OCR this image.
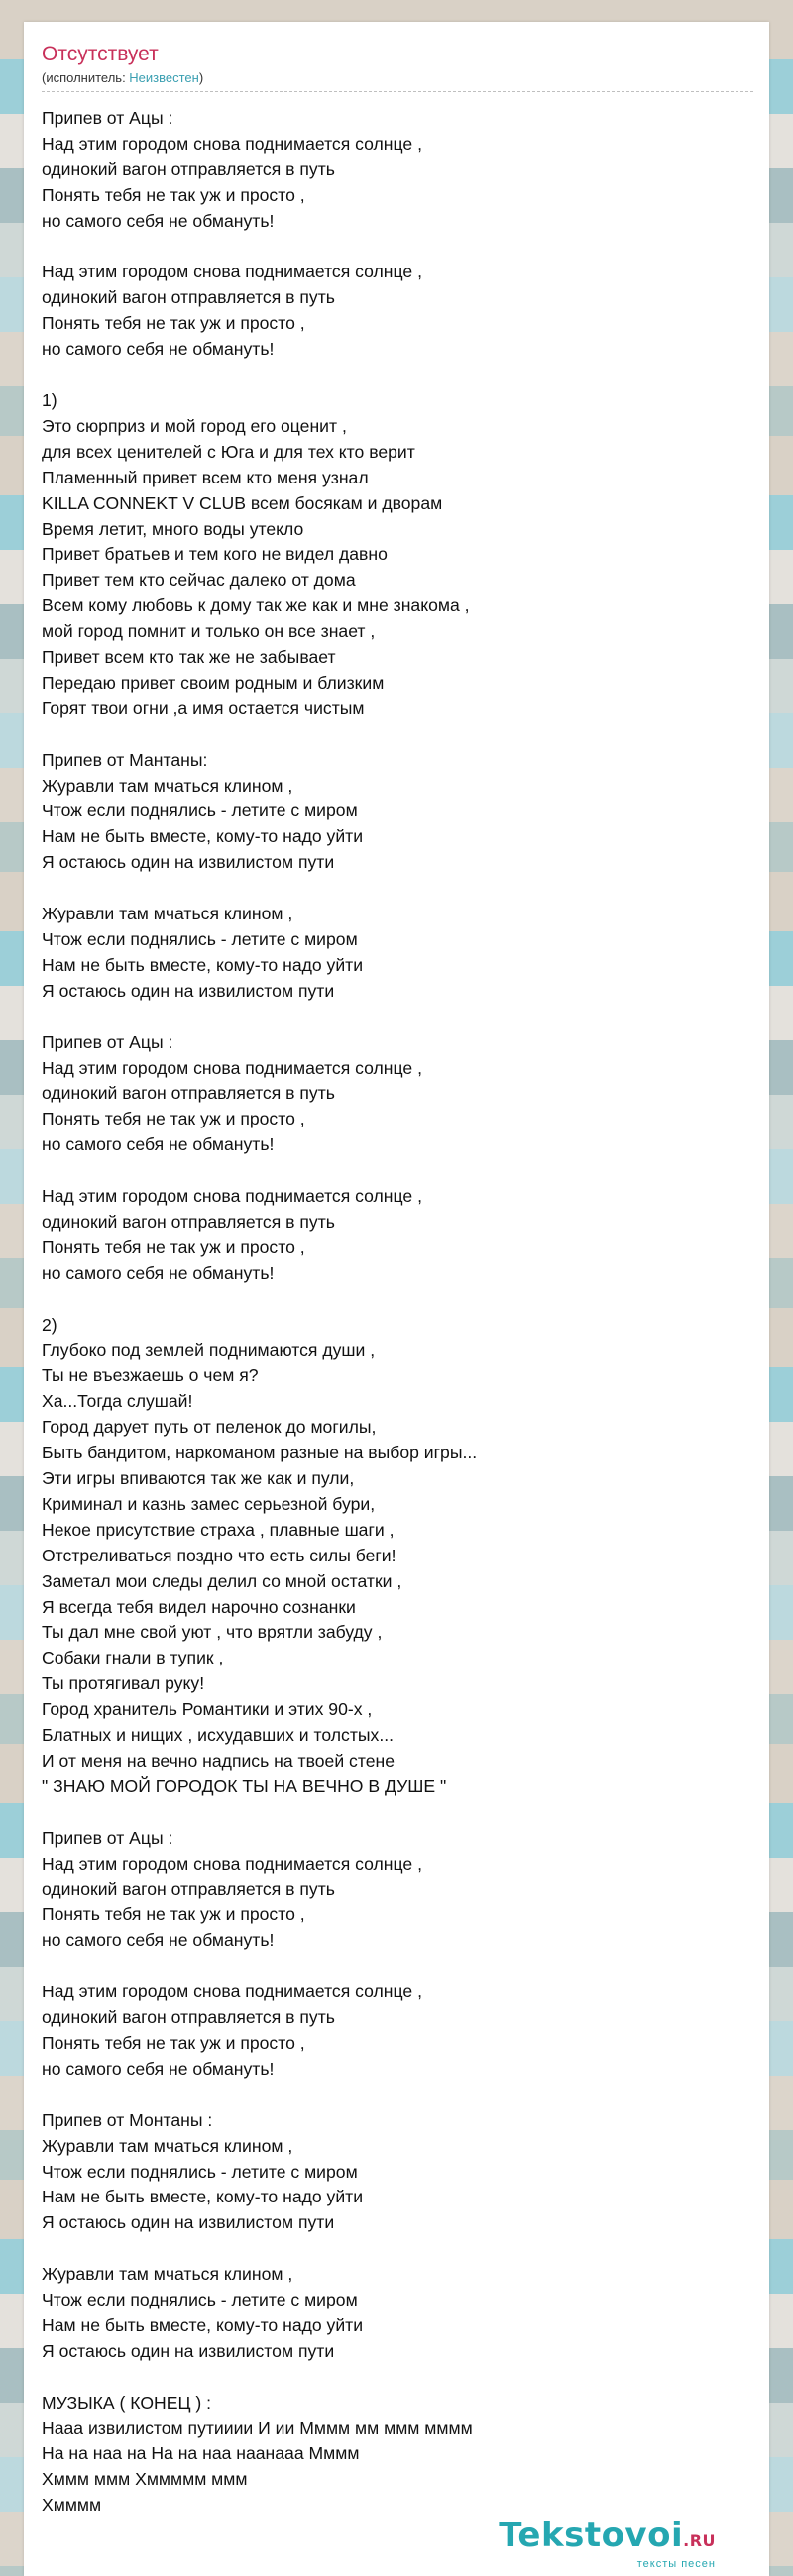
Отсутствует
(исполнитель: Неизвестен)
Припев от Ацы :
Над этим городом снова поднимается солнце ,
одинокий вагон отправляется в путь
Понять тебя не так уж и просто ,
но самого себя не обмануть!

Над этим городом снова поднимается солнце ,
одинокий вагон отправляется в путь
Понять тебя не так уж и просто ,
но самого себя не обмануть!

1)
Это сюрприз и мой город его оценит ,
для всех ценителей с Юга и для тех кто верит
Пламенный привет всем кто меня узнал
KILLA CONNEKT V CLUB всем босякам и дворам
Время летит, много воды утекло
Привет братьев и тем кого не видел давно
Привет тем кто сейчас далеко от дома
Всем кому любовь к дому так же как и мне знакома ,
мой город помнит и только он все знает ,
Привет всем кто так же не забывает
Передаю привет своим родным и близким
Горят твои огни ,а имя остается чистым

Припев от Мантаны:
Журавли там мчаться клином ,
Чтож если поднялись - летите с миром
Нам не быть вместе, кому-то надо уйти
Я остаюсь один на извилистом пути

Журавли там мчаться клином ,
Чтож если поднялись - летите с миром
Нам не быть вместе, кому-то надо уйти
Я остаюсь один на извилистом пути

Припев от Ацы :
Над этим городом снова поднимается солнце ,
одинокий вагон отправляется в путь
Понять тебя не так уж и просто ,
но самого себя не обмануть!

Над этим городом снова поднимается солнце ,
одинокий вагон отправляется в путь
Понять тебя не так уж и просто ,
но самого себя не обмануть!

2)
Глубоко под землей поднимаются души ,
Ты не въезжаешь о чем я?
Ха...Тогда слушай!
Город дарует путь от пеленок до могилы,
Быть бандитом, наркоманом разные на выбор игры...
Эти игры впиваются так же как и пули,
Криминал и казнь замес серьезной бури,
Некое присутствие страха , плавные шаги ,
Отстреливаться поздно что есть силы беги!
Заметал мои следы делил со мной остатки ,
Я всегда тебя видел нарочно сознанки
Ты дал мне свой уют , что врятли забуду ,
Собаки гнали в тупик ,
Ты протягивал руку!
Город хранитель Романтики и этих 90-х ,
Блатных и нищих , исхудавших и толстых...
И от меня на вечно надпись на твоей стене
" ЗНАЮ МОЙ ГОРОДОК ТЫ НА ВЕЧНО В ДУШЕ "

Припев от Ацы :
Над этим городом снова поднимается солнце ,
одинокий вагон отправляется в путь
Понять тебя не так уж и просто ,
но самого себя не обмануть!

Над этим городом снова поднимается солнце ,
одинокий вагон отправляется в путь
Понять тебя не так уж и просто ,
но самого себя не обмануть!

Припев от Монтаны :
Журавли там мчаться клином ,
Чтож если поднялись - летите с миром
Нам не быть вместе, кому-то надо уйти
Я остаюсь один на извилистом пути

Журавли там мчаться клином ,
Чтож если поднялись - летите с миром
Нам не быть вместе, кому-то надо уйти
Я остаюсь один на извилистом пути

МУЗЫКА ( КОНЕЦ ) :
Нааа извилистом путииии И ии Мммм мм ммм мммм
На на наа на На на наа наанааа Мммм
Хммм ммм Хммммм ммм
Хмммм
Tekstovoi.RU
тексты песен
